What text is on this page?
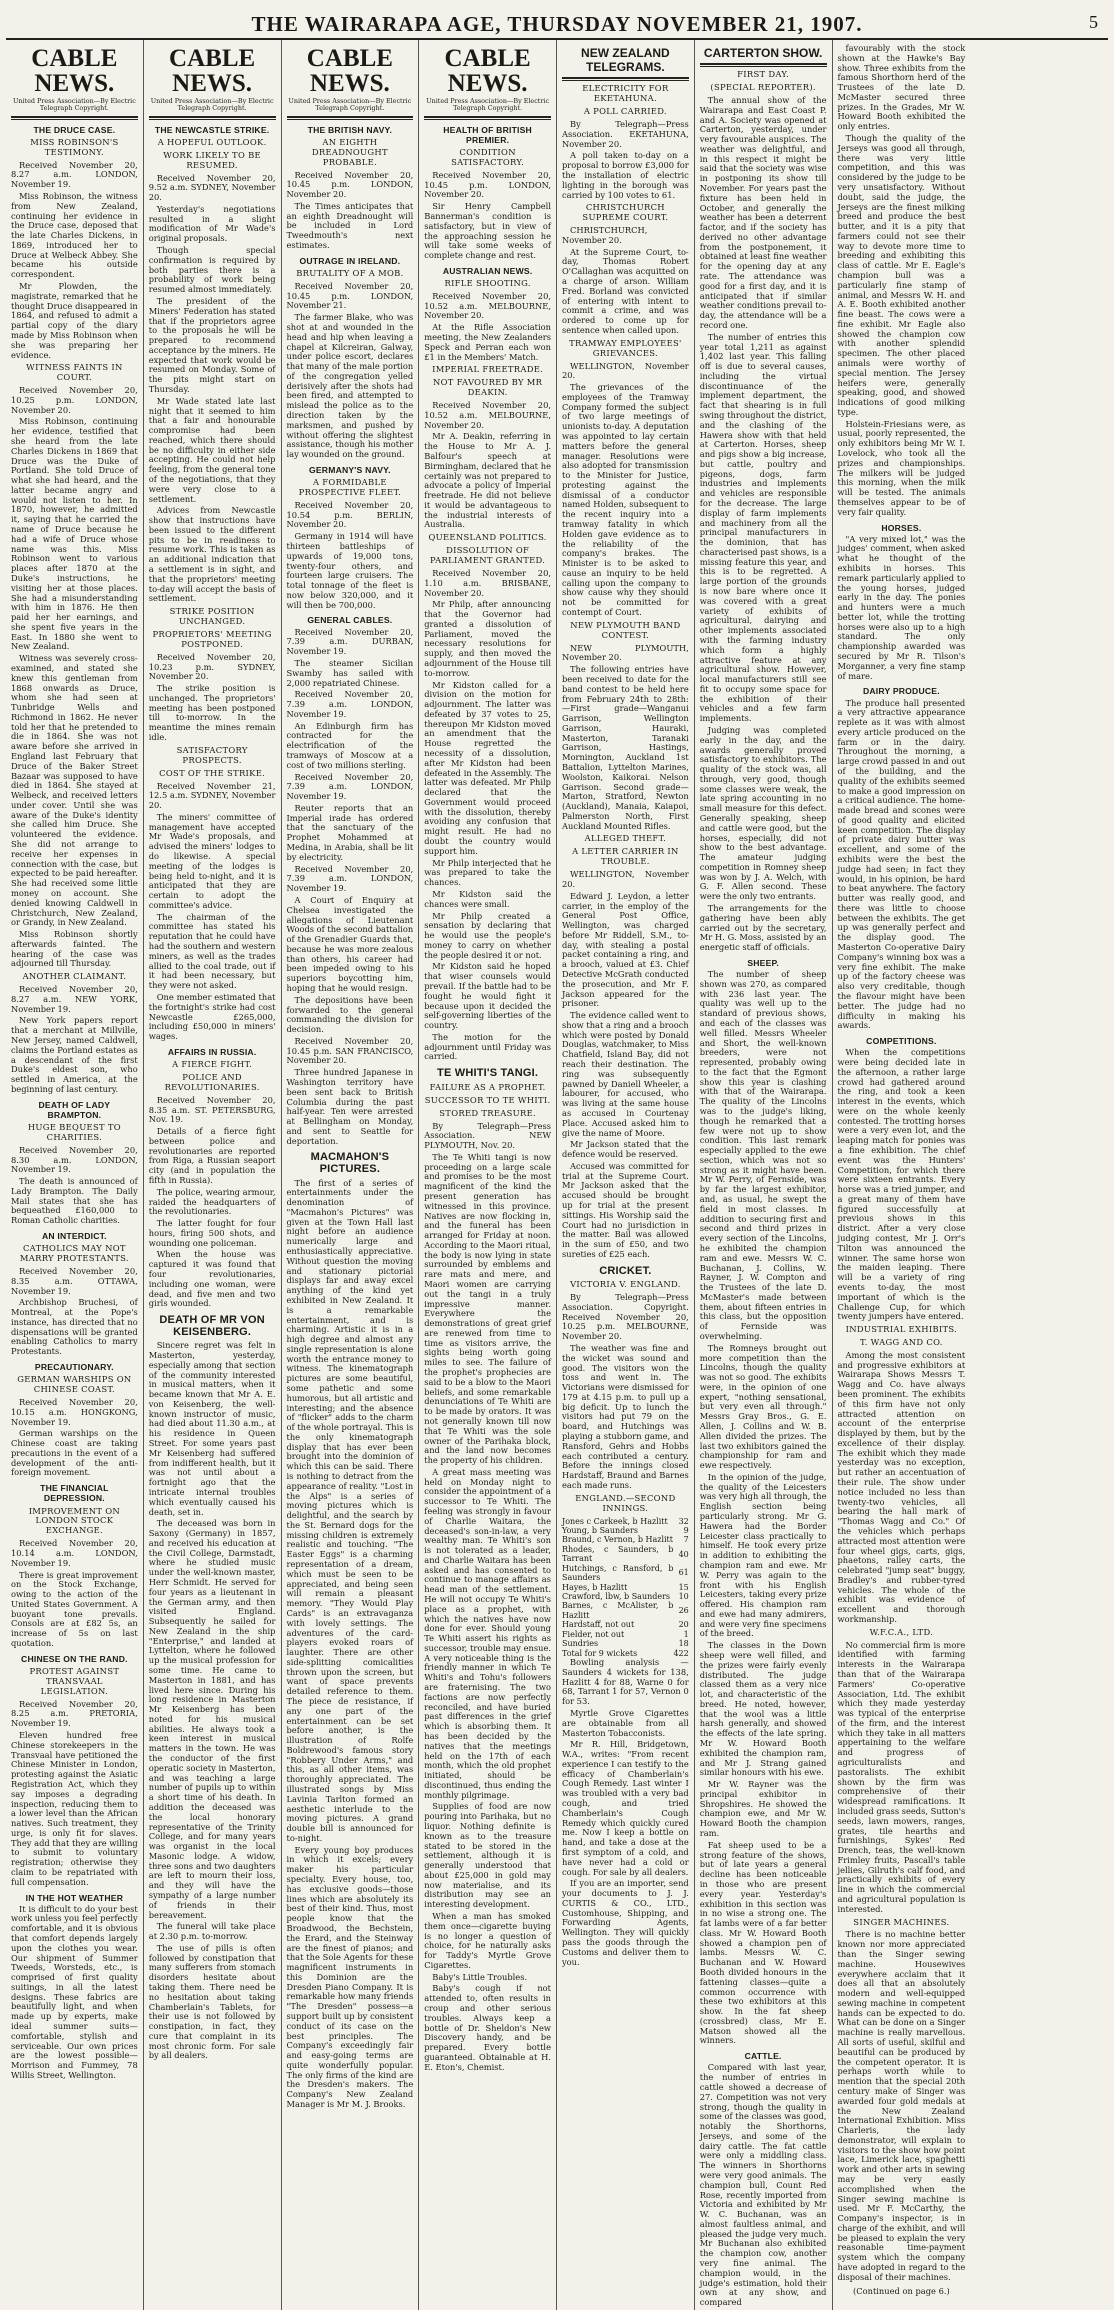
THE WAIRARAPA AGE, THURSDAY NOVEMBER 21, 1907.	5
CABLE NEWS.
United Press Association—By Electric Telegraph Copyright.
THE DRUCE CASE.
MISS ROBINSON'S TESTIMONY.

Received November 20, 8.27 a.m. LONDON, November 19.

Miss Robinson, the witness from New Zealand, continuing her evidence in the Druce case, deposed that the late Charles Dickens, in 1869, introduced her to Druce at Welbeck Abbey. She became his outside correspondent.

Mr Plowden, the magistrate, remarked that he thought Druce disappeared in 1864, and refused to admit a partial copy of the diary made by Miss Robinson when she was preparing her evidence.

WITNESS FAINTS IN COURT.

Received November 20, 10.25 p.m. LONDON, November 20.

Miss Robinson, continuing her evidence, testified that she heard from the late Charles Dickens in 1869 that Druce was the Duke of Portland. She told Druce of what she had heard, and the latter became angry and would not listen to her. In 1870, however, he admitted it, saying that he carried the name of Druce because he had a wife of Druce whose name was this. Miss Robinson went to various places after 1870 at the Duke's instructions, he visiting her at those places. She had a misunderstanding with him in 1876. He then paid her her earnings, and she spent five years in the East. In 1880 she went to New Zealand.

Witness was severely cross-examined, and stated she knew this gentleman from 1868 onwards as Druce, whom she had seen at Tunbridge Wells and Richmond in 1862. He never told her that he pretended to die in 1864. She was not aware before she arrived in England last February that Druce of the Baker Street Bazaar was supposed to have died in 1864. She stayed at Welbeck, and received letters under cover. Until she was aware of the Duke's identity she called him Druce. She volunteered the evidence. She did not arrange to receive her expenses in connection with the case, but expected to be paid hereafter. She had received some little money on account. She denied knowing Caldwell in Christchurch, New Zealand, or Grandy, in New Zealand.

Miss Robinson shortly afterwards fainted. The hearing of the case was adjourned till Thursday.

ANOTHER CLAIMANT.

Received November 20, 8.27 a.m. NEW YORK, November 19.

New York papers report that a merchant at Millville, New Jersey, named Caldwell, claims the Portland estates as a descendant of the first Duke's eldest son, who settled in America, at the beginning of last century.

DEATH OF LADY BRAMPTON.
HUGE BEQUEST TO CHARITIES.

Received November 20, 8.30 a.m. LONDON, November 19.

The death is announced of Lady Brampton. The Daily Mail states that she has bequeathed £160,000 to Roman Catholic charities.

AN INTERDICT.
CATHOLICS MAY NOT MARRY PROTESTANTS.

Received November 20, 8.35 a.m. OTTAWA, November 19.

Archbishop Bruchesi, of Montreal, at the Pope's instance, has directed that no dispensations will be granted enabling Catholics to marry Protestants.

PRECAUTIONARY.
GERMAN WARSHIPS ON CHINESE COAST.

Received November 20, 10.15 a.m. HONGKONG, November 19.

German warships on the Chinese coast are taking precautions in the event of a development of the anti-foreign movement.

THE FINANCIAL DEPRESSION.
IMPROVEMENT ON LONDON STOCK EXCHANGE.

Received November 20, 10.14 a.m. LONDON, November 19.

There is great improvement on the Stock Exchange, owing to the action of the United States Government. A buoyant tone prevails. Consols are at £82 5s, an increase of 5s on last quotation.

CHINESE ON THE RAND.
PROTEST AGAINST TRANSVAAL LEGISLATION.

Received November 20, 8.25 a.m. PRETORIA, November 19.

Eleven hundred free Chinese storekeepers in the Transvaal have petitioned the Chinese Minister in London, protesting against the Asiatic Registration Act, which they say imposes a degrading inspection, reducing them to a lower level than the African natives. Such treatment, they urge, is only fit for slaves. They add that they are willing to submit to voluntary registration; otherwise they claim to be repatriated with full compensation.

IN THE HOT WEATHER

It is difficult to do your best work unless you feel perfectly comfortable, and it is obvious that comfort depends largely upon the clothes you wear. Our shipment of Summer Tweeds, Worsteds, etc., is comprised of first quality suitings, in all the latest designs. These fabrics are beautifully light, and when made up by experts, make ideal summer suits—comfortable, stylish and serviceable. Our own prices are the lowest possible—Morrison and Fummey, 78 Willis Street, Wellington.

CABLE NEWS.
United Press Association—By Electric Telegraph Copyright.
THE NEWCASTLE STRIKE.
A HOPEFUL OUTLOOK.
WORK LIKELY TO BE RESUMED.

Received November 20, 9.52 a.m. SYDNEY, November 20.

Yesterday's negotiations resulted in a slight modification of Mr Wade's original proposals.

Though special confirmation is required by both parties there is a probability of work being resumed almost immediately.

The president of the Miners' Federation has stated that if the proprietors agree to the proposals he will be prepared to recommend acceptance by the miners. He expected that work would be resumed on Monday. Some of the pits might start on Thursday.

Mr Wade stated late last night that it seemed to him that a fair and honourable compromise had been reached, which there should be no difficulty in either side accepting. He could not help feeling, from the general tone of the negotiations, that they were very close to a settlement.

Advices from Newcastle show that instructions have been issued to the different pits to be in readiness to resume work. This is taken as an additional indication that a settlement is in sight, and that the proprietors' meeting to-day will accept the basis of settlement.

STRIKE POSITION UNCHANGED.
PROPRIETORS' MEETING POSTPONED.

Received November 20, 10.23 p.m. SYDNEY, November 20.

The strike position is unchanged. The proprietors' meeting has been postponed till to-morrow. In the meantime the mines remain idle.

SATISFACTORY PROSPECTS.
COST OF THE STRIKE.

Received November 21, 12.5 a.m. SYDNEY, November 20.

The miners' committee of management have accepted Mr Wade's proposals, and advised the miners' lodges to do likewise. A special meeting of the lodges is being held to-night, and it is anticipated that they are certain to adopt the committee's advice.

The chairman of the committee has stated his reputation that he could have had the southern and western miners, as well as the trades allied to the coal trade, out if it had been necessary, but they were not asked.

One member estimated that the fortnight's strike had cost Newcastle £265,000, including £50,000 in miners' wages.

AFFAIRS IN RUSSIA.
A FIERCE FIGHT.
POLICE AND REVOLUTIONARIES.

Received November 20, 8.35 a.m. ST. PETERSBURG, Nov. 19.

Details of a fierce fight between police and revolutionaries are reported from Riga, a Russian seaport city (and in population the fifth in Russia).

The police, wearing armour, raided the headquarters of the revolutionaries.

The latter fought for four hours, firing 500 shots, and wounding one policeman.

When the house was captured it was found that four revolutionaries, including one woman, were dead, and five men and two girls wounded.

DEATH OF MR VON KEISENBERG.

Sincere regret was felt in Masterton, yesterday, especially among that section of the community interested in musical matters, when it became known that Mr A. E. von Keisenberg, the well-known instructor of music, had died about 11.30 a.m., at his residence in Queen Street. For some years past Mr Keisenberg had suffered from indifferent health, but it was not until about a fortnight ago that the intricate internal troubles which eventually caused his death, set in.

The deceased was born in Saxony (Germany) in 1857, and received his education at the Civil College, Darmstadt, where he studied music under the well-known master, Herr Schmidt. He served for four years as a lieutenant in the German army, and then visited England. Subsequently he sailed for New Zealand in the ship "Enterprise," and landed at Lyttelton, where he followed up the musical profession for some time. He came to Masterton in 1881, and has lived here since. During his long residence in Masterton Mr Keisenberg has been noted for his musical abilities. He always took a keen interest in musical matters in the town. He was the conductor of the first operatic society in Masterton, and was teaching a large number of pupils up to within a short time of his death. In addition the deceased was the local honorary representative of the Trinity College, and for many years was organist in the local Masonic lodge. A widow, three sons and two daughters are left to mourn their loss, and they will have the sympathy of a large number of friends in their bereavement.

The funeral will take place at 2.30 p.m. to-morrow.

The use of pills is often followed by constipation that many sufferers from stomach disorders hesitate about taking them. There need be no hesitation about taking Chamberlain's Tablets, for their use is not followed by constipation, in fact, they cure that complaint in its most chronic form. For sale by all dealers.

CABLE NEWS.
United Press Association—By Electric Telegraph Copyright.
THE BRITISH NAVY.
AN EIGHTH DREADNOUGHT PROBABLE.

Received November 20, 10.45 p.m. LONDON, November 20.

The Times anticipates that an eighth Dreadnought will be included in Lord Tweedmouth's next estimates.

OUTRAGE IN IRELAND.
BRUTALITY OF A MOB.

Received November 20, 10.45 p.m. LONDON, November 21.

The farmer Blake, who was shot at and wounded in the head and hip when leaving a chapel at Kilcreiran, Galway, under police escort, declares that many of the male portion of the congregation yelled derisively after the shots had been fired, and attempted to mislead the police as to the direction taken by the marksmen, and pushed by without offering the slightest assistance, though his mother lay wounded on the ground.

GERMANY'S NAVY.
A FORMIDABLE PROSPECTIVE FLEET.

Received November 20, 10.54 p.m. BERLIN, November 20.

Germany in 1914 will have thirteen battleships of upwards of 19,000 tons, twenty-four others, and fourteen large cruisers. The total tonnage of the fleet is now below 320,000, and it will then be 700,000.

GENERAL CABLES.

Received November 20, 7.39 a.m. DURBAN, November 19.

The steamer Sicilian Swamby has sailed with 2,000 repatriated Chinese.

Received November 20, 7.39 a.m. LONDON, November 19.

An Edinburgh firm has contracted for the electrification of the tramways of Moscow at a cost of two millions sterling.

Received November 20, 7.39 a.m. LONDON, November 19.

Reuter reports that an Imperial irade has ordered that the sanctuary of the Prophet Mohammed at Medina, in Arabia, shall be lit by electricity.

Received November 20, 7.39 a.m. LONDON, November 19.

A Court of Enquiry at Chelsea investigated the allegations of Lieutenant Woods of the second battalion of the Grenadier Guards that, because he was more zealous than others, his career had been impeded owing to his superiors boycotting him, hoping that he would resign.

The depositions have been forwarded to the general commanding the division for decision.

Received November 20, 10.45 p.m. SAN FRANCISCO, November 20.

Three hundred Japanese in Washington territory have been sent back to British Columbia during the past half-year. Ten were arrested at Bellingham on Monday, and sent to Seattle for deportation.

MACMAHON'S PICTURES.

The first of a series of entertainments under the denomination of "Macmahon's Pictures" was given at the Town Hall last night before an audience numerically large and enthusiastically appreciative. Without question the moving and stationary pictorial displays far and away excel anything of the kind yet exhibited in New Zealand. It is a remarkable entertainment, and is charming. Artistic it is in a high degree and almost any single representation is alone worth the entrance money to witness. The kinematograph pictures are some beautiful, some pathetic and some humorous, but all artistic and interesting; and the absence of "flicker" adds to the charm of the whole portrayal. This is the only kinematograph display that has ever been brought into the dominion of which this can be said. There is nothing to detract from the appearance of reality. "Lost in the Alps" is a series of moving pictures which is delightful, and the search by the St. Bernard dogs for the missing children is extremely realistic and touching. "The Easter Eggs" is a charming representation of a dream, which must be seen to be appreciated, and being seen will remain a pleasant memory. "They Would Play Cards" is an extravaganza with lovely settings. The adventures of the card-players evoked roars of laughter. There are other side-splitting comicalities thrown upon the screen, but want of space prevents detailed reference to them. The piece de resistance, if any one part of the entertainment can be set before another, is the illustration of Rolfe Boldrewood's famous story "Robbery Under Arms," and this, as all other items, was thoroughly appreciated. The illustrated songs by Miss Lavinia Tarlton formed an aesthetic interlude to the moving pictures. A grand double bill is announced for to-night.

Every young boy produces in which it excels; every maker his particular specialty. Every house, too, has exclusive goods—those lines which are absolutely its best of their kind. Thus, most people know that the Broadwood, the Bechstein, the Erard, and the Steinway are the finest of pianos; and that the Sole Agents for these magnificent instruments in this Dominion are the Dresden Piano Company. It is remarkable how many friends "The Dresden" possess—a support built up by consistent conduct of its case on the best principles. The Company's exceedingly fair and easy-going terms are quite wonderfully popular. The only firms of the kind are the Dresden's makers. The Company's New Zealand Manager is Mr M. J. Brooks.

CABLE NEWS.
United Press Association—By Electric Telegraph Copyright.
HEALTH OF BRITISH PREMIER.
CONDITION SATISFACTORY.

Received November 20, 10.45 p.m. LONDON, November 20.

Sir Henry Campbell Bannerman's condition is satisfactory, but in view of the approaching session he will take some weeks of complete change and rest.

AUSTRALIAN NEWS.
RIFLE SHOOTING.

Received November 20, 10.52 a.m. MELBOURNE, November 20.

At the Rifle Association meeting, the New Zealanders Speck and Perran each won £1 in the Members' Match.

IMPERIAL FREETRADE.
NOT FAVOURED BY MR DEAKIN.

Received November 20, 10.52 a.m. MELBOURNE, November 20.

Mr A. Deakin, referring in the House to Mr A. J. Balfour's speech at Birmingham, declared that he certainly was not prepared to advocate a policy of Imperial freetrade. He did not believe it would be advantageous to the industrial interests of Australia.

QUEENSLAND POLITICS.
DISSOLUTION OF PARLIAMENT GRANTED.

Received November 20, 1.10 a.m. BRISBANE, November 20.

Mr Philp, after announcing that the Governor had granted a dissolution of Parliament, moved the necessary resolutions for supply, and then moved the adjournment of the House till to-morrow.

Mr Kidston called for a division on the motion for adjournment. The latter was defeated by 37 votes to 25, thereupon Mr Kidston moved an amendment that the House regretted the necessity of a dissolution, after Mr Kidston had been defeated in the Assembly. The latter was defeated. Mr Philp declared that the Government would proceed with the dissolution, thereby avoiding any confusion that might result. He had no doubt the country would support him.

Mr Philp interjected that he was prepared to take the chances.

Mr Kidston said the chances were small.

Mr Philp created a sensation by declaring that he would use the people's money to carry on whether the people desired it or not.

Mr Kidston said he hoped that wiser counsels would prevail. If the battle had to be fought he would fight it because upon it decided the self-governing liberties of the country.

The motion for the adjournment until Friday was carried.

TE WHITI'S TANGI.
FAILURE AS A PROPHET.
SUCCESSOR TO TE WHITI.
STORED TREASURE.

By Telegraph—Press Association. NEW PLYMOUTH, Nov. 20.

The Te Whiti tangi is now proceeding on a large scale and promises to be the most magnificent of the kind the present generation has witnessed in this province. Natives are now flocking in, and the funeral has been arranged for Friday at noon. According to the Maori ritual, the body is now lying in state surrounded by emblems and rare mats and mere, and Maori women are carrying out the tangi in a truly impressive manner. Everywhere the demonstrations of great grief are renewed from time to time as visitors arrive, the sights being worth going miles to see. The failure of the prophet's prophecies are said to be a blow to the Maori beliefs, and some remarkable denunciations of Te Whiti are to be made by orators. It was not generally known till now that Te Whiti was the sole owner of the Parihaka block, and the land now becomes the property of his children.

A great mass meeting was held on Monday night to consider the appointment of a successor to Te Whiti. The feeling was strongly in favour of Charlie Waitara, the deceased's son-in-law, a very wealthy man. Te Whiti's son is not tolerated as a leader, and Charlie Waitara has been asked and has consented to continue to manage affairs as head man of the settlement. He will not occupy Te Whiti's place as a prophet, with which the natives have now done for ever. Should young Te Whiti assert his rights as successor, trouble may ensue. A very noticeable thing is the friendly manner in which Te Whiti's and Tohu's followers are fraternising. The two factions are now perfectly reconciled, and have buried past differences in the grief which is absorbing them. It has been decided by the natives that the meetings held on the 17th of each month, which the old prophet initiated, should be discontinued, thus ending the monthly pilgrimage.

Supplies of food are now pouring into Parihaka, but no liquor. Nothing definite is known as to the treasure stated to be stored in the settlement, although it is generally understood that about £25,000 in gold may now materialise, and its distribution may see an interesting development.

When a man has smoked them once—cigarette buying is no longer a question of choice, for he naturally asks for Taddy's Myrtle Grove Cigarettes.

Baby's Little Troubles.

Baby's cough if not attended to, often results in croup and other serious troubles. Always keep a bottle of Dr. Sheldon's New Discovery handy, and be prepared. Every bottle guaranteed. Obtainable at H. E. Eton's, Chemist.

NEW ZEALAND TELEGRAMS.
ELECTRICITY FOR EKETAHUNA.
A POLL CARRIED.

By Telegraph—Press Association. EKETAHUNA, November 20.

A poll taken to-day on a proposal to borrow £3,000 for the installation of electric lighting in the borough was carried by 100 votes to 61.

CHRISTCHURCH SUPREME COURT.

CHRISTCHURCH, November 20.

At the Supreme Court, to-day, Thomas Robert O'Callaghan was acquitted on a charge of arson. William Fred. Borland was convicted of entering with intent to commit a crime, and was ordered to come up for sentence when called upon.

TRAMWAY EMPLOYEES' GRIEVANCES.

WELLINGTON, November 20.

The grievances of the employees of the Tramway Company formed the subject of two large meetings of unionists to-day. A deputation was appointed to lay certain matters before the general manager. Resolutions were also adopted for transmission to the Minister for Justice, protesting against the dismissal of a conductor named Holden, subsequent to the recent inquiry into a tramway fatality in which Holden gave evidence as to the reliability of the company's brakes. The Minister is to be asked to cause an inquiry to be held calling upon the company to show cause why they should not be committed for contempt of Court.

NEW PLYMOUTH BAND CONTEST.

NEW PLYMOUTH, November 20.

The following entries have been received to date for the band contest to be held here from February 24th to 28th:—First grade—Wanganui Garrison, Wellington Garrison, Hauraki, Masterton, Taranaki Garrison, Hastings, Mornington, Auckland 1st Battalion, Lyttelton Marines, Woolston, Kaikorai. Nelson Garrison. Second grade—Marton, Stratford, Newton (Auckland), Manaia, Kaiapoi, Palmerston North, First Auckland Mounted Rifles.

ALLEGED THEFT.
A LETTER CARRIER IN TROUBLE.

WELLINGTON, November 20.

Edward J. Leydon, a letter carrier, in the employ of the General Post Office, Wellington, was charged before Mr Riddell, S.M., to-day, with stealing a postal packet containing a ring, and a brooch, valued at £3. Chief Detective McGrath conducted the prosecution, and Mr F. Jackson appeared for the prisoner.

The evidence called went to show that a ring and a brooch which were posted by Donald Douglas, watchmaker, to Miss Chatfield, Island Bay, did not reach their destination. The ring was subsequently pawned by Daniell Wheeler, a labourer, for accused, who was living at the same house as accused in Courtenay Place. Accused asked him to give the name of Moore.

Mr Jackson stated that the defence would be reserved.

Accused was committed for trial at the Supreme Court. Mr Jackson asked that the accused should be brought up for trial at the present sittings. His Worship said the Court had no jurisdiction in the matter. Bail was allowed in the sum of £50, and two sureties of £25 each.

CRICKET.
VICTORIA V. ENGLAND.

By Telegraph—Press Association. Copyright. Received November 20, 10.25 p.m. MELBOURNE, November 20.

The weather was fine and the wicket was sound and good. The visitors won the toss and went in. The Victorians were dismissed for 179 at 4.15 p.m. to pull up a big deficit. Up to lunch the visitors had put 79 on the board, and Hutchings was playing a stubborn game, and Ransford, Gehrs and Hobbs each contributed a century. Before the innings closed Hardstaff, Braund and Barnes each made runs.

ENGLAND.—SECOND INNINGS.
Jones c Carkeek, b Hazlitt	32
Young, b Saunders	9
Braund, c Vernon, b Hazlitt	7
Rhodes, c Saunders, b Tarrant	40
Hutchings, c Ransford, b Saunders	61
Hayes, b Hazlitt	15
Crawford, lbw, b Saunders	10
Barnes, c McAlister, b Hazlitt	26
Hardstaff, not out	20
Fielder, not out	1
Sundries	18
Total for 9 wickets	422

Bowling analysis — Saunders 4 wickets for 138, Hazlitt 4 for 88, Warne 0 for 68, Tarrant 1 for 57, Vernon 0 for 53.

Myrtle Grove Cigarettes are obtainable from all Masterton Tobacconists.

Mr R. Hill, Bridgetown, W.A., writes: "From recent experience I can testify to the efficacy of Chamberlain's Cough Remedy. Last winter I was troubled with a very bad cough, and tried Chamberlain's Cough Remedy which quickly cured me. Now I keep a bottle on hand, and take a dose at the first symptom of a cold, and have never had a cold or cough. For sale by all dealers.

If you are an importer, send your documents to J. J. CURTIS & CO., LTD., Customhouse, Shipping, and Forwarding Agents, Wellington. They will quickly pass the goods through the Customs and deliver them to you.

CARTERTON SHOW.
FIRST DAY.
(SPECIAL REPORTER).

The annual show of the Wairarapa and East Coast P. and A. Society was opened at Carterton, yesterday, under very favourable auspices. The weather was delightful, and in this respect it might be said that the society was wise in postponing its show till November. For years past the fixture has been held in October, and generally the weather has been a deterrent factor, and if the society has derived no other advantage from the postponement, it obtained at least fine weather for the opening day at any rate. The attendance was good for a first day, and it is anticipated that if similar weather conditions prevail to-day, the attendance will be a record one.

The number of entries this year total 1,211 as against 1,402 last year. This falling off is due to several causes, including the virtual discontinuance of the implement department, the fact that shearing is in full swing throughout the district, and the clashing of the Hawera show with that held at Carterton. Horses, sheep and pigs show a big increase, but cattle, poultry and pigeons, dogs, farm industries and implements and vehicles are responsible for the decrease. The large display of farm implements and machinery from all the principal manufacturers in the dominion, that has characterised past shows, is a missing feature this year, and this is to be regretted. A large portion of the grounds is now bare where once it was covered with a great variety of exhibits of agricultural, dairying and other implements associated with the farming industry which form a highly attractive feature at any agricultural show. However, local manufacturers still see fit to occupy some space for the exhibition of their vehicles and a few farm implements.

Judging was completed early in the day, and the awards generally proved satisfactory to exhibitors. The quality of the stock was, all through, very good, though some classes were weak, the late spring accounting in no small measure for this defect. Generally speaking, sheep and cattle were good, but the horses, especially, did not show to the best advantage. The amateur judging competition in Romney sheep was won by J. A. Welch, with G. F. Allen second. These were the only two entrants.

The arrangements for the gathering have been ably carried out by the secretary, Mr H. G. Moss, assisted by an energetic staff of officials.

SHEEP.

The number of sheep shown was 270, as compared with 236 last year. The quality was well up to the standard of previous shows, and each of the classes was well filled. Messrs Wheeler and Short, the well-known breeders, were not represented, probably owing to the fact that the Egmont show this year is clashing with that of the Wairarapa. The quality of the Lincolns was to the judge's liking, though he remarked that a few were not up to show condition. This last remark especially applied to the ewe section, which was not so strong as it might have been. Mr W. Perry, of Fernside, was by far the largest exhibitor, and, as usual, he swept the field in most classes. In addition to securing first and second and third prizes in every section of the Lincolns, he exhibited the champion ram and ewe. Messrs W. C. Buchanan, J. Collins, W. Rayner, J. W. Compton and the Trustees of the late D. McMaster's made between them, about fifteen entries in this class, but the opposition of Fernside was overwhelming.

The Romneys brought out more competition than the Lincolns, though the quality was not so good. The exhibits were, in the opinion of one expert, "nothing sensational, but very even all through." Messrs Gray Bros., G. E. Allen, J. Collins and W. B. Allen divided the prizes. The last two exhibitors gained the championship for ram and ewe respectively.

In the opinion of the judge, the quality of the Leicesters was very high all through, the English section being particularly strong. Mr G. Hawera had the Border Leicester class practically to himself. He took every prize in addition to exhibiting the champion ram and ewe. Mr W. Perry was again to the front with his English Leicesters, taking every prize offered. His champion ram and ewe had many admirers, and were very fine specimens of the breed.

The classes in the Down sheep were well filled, and the prizes were fairly evenly distributed. The judge classed them as a very nice lot, and characteristic of the breed. He noted, however, that the wool was a little harsh generally, and showed the effects of the late spring. Mr W. Howard Booth exhibited the champion ram, and Mr J. Strang gained similar honours with his ewe.

Mr W. Rayner was the principal exhibitor in Shropshires. He showed the champion ewe, and Mr W. Howard Booth the champion ram.

Fat sheep used to be a strong feature of the shows, but of late years a general decline has been noticeable in those who are present every year. Yesterday's exhibition in this section was in no wise a strong one. The fat lambs were of a far better class. Mr W. Howard Booth showed a champion pen of lambs. Messrs W. C. Buchanan and W. Howard Booth divided honours in the fattening classes—quite a common occurrence with these two exhibitors at this show. In the fat sheep (crossbred) class, Mr E. Matson showed all the winners.

CATTLE.

Compared with last year, the number of entries in cattle showed a decrease of 27. Competition was not very strong, though the quality in some of the classes was good, notably the Shorthorns, Jerseys, and some of the dairy cattle. The fat cattle were only a middling class. The winners in Shorthorns were very good animals. The champion bull, Count Red Rose, recently imported from Victoria and exhibited by Mr W. C. Buchanan, was an almost faultless animal, and pleased the judge very much. Mr Buchanan also exhibited the champion cow, another very fine animal. The champion would, in the judge's estimation, hold their own at any show, and compared

favourably with the stock shown at the Hawke's Bay show. Three exhibits from the famous Shorthorn herd of the Trustees of the late D. McMaster secured three prizes. In the Grades, Mr W. Howard Booth exhibited the only entries.

Though the quality of the Jerseys was good all through, there was very little competition, and this was considered by the judge to be very unsatisfactory. Without doubt, said the judge, the Jerseys are the finest milking breed and produce the best butter, and it is a pity that farmers could not see their way to devote more time to breeding and exhibiting this class of cattle. Mr E. Eagle's champion bull was a particularly fine stamp of animal, and Messrs W. H. and A. E. Booth exhibited another fine beast. The cows were a fine exhibit. Mr Eagle also showed the champion cow with another splendid specimen. The other placed animals were worthy of special mention. The Jersey heifers were, generally speaking, good, and showed indications of good milking type.

Holstein-Friesians were, as usual, poorly represented, the only exhibitors being Mr W. I. Lovelock, who took all the prizes and championships. The milkers will be judged this morning, when the milk will be tested. The animals themselves appear to be of very fair quality.

HORSES.

"A very mixed lot," was the judges' comment, when asked what he thought of the exhibits in horses. This remark particularly applied to the young horses, judged early in the day. The ponies and hunters were a much better lot, while the trotting horses were also up to a high standard. The only championship awarded was secured by Mr R. Tilson's Morganner, a very fine stamp of mare.

DAIRY PRODUCE.

The produce hall presented a very attractive appearance replete as it was with almost every article produced on the farm or in the dairy. Throughout the morning, a large crowd passed in and out of the building, and the quality of the exhibits seemed to make a good impression on a critical audience. The home-made bread and scones were of good quality and elicited keen competition. The display of private dairy butter was excellent, and some of the exhibits were the best the judge had seen; in fact they would, in his opinion, be hard to beat anywhere. The factory butter was really good, and there was little to choose between the exhibits. The get up was generally perfect and the display good. The Masterton Co-operative Dairy Company's winning box was a very fine exhibit. The make up of the factory cheese was also very creditable, though the flavour might have been better. The judge had no difficulty in making his awards.

COMPETITIONS.

When the competitions were being decided late in the afternoon, a rather large crowd had gathered around the ring, and took a keen interest in the events, which were on the whole keenly contested. The trotting horses were a very even lot, and the leaping match for ponies was a fine exhibition. The chief event was the Hunters' Competition, for which there were sixteen entrants. Every horse was a tried jumper, and a great many of them have figured successfully at previous shows in this district. After a very close judging contest, Mr J. Orr's Tilton was announced the winner. The same horse won the maiden leaping. There will be a variety of ring events to-day, the most important of which is the Challenge Cup, for which twenty jumpers have entered.

INDUSTRIAL EXHIBITS.
T. WAGG AND CO.

Among the most consistent and progressive exhibitors at Wairarapa Shows Messrs T. Wagg and Co. have always been prominent. The exhibits of this firm have not only attracted attention on account of the enterprise displayed by them, but by the excellence of their display. The exhibit which they made yesterday was no exception, but rather an accentuation of their rule. The show under notice included no less than twenty-two vehicles, all bearing the hall mark of "Thomas Wagg and Co." Of the vehicles which perhaps attracted most attention were four wheel gigs, carts, gigs, phaetons, ralley carts, the celebrated "jump seat" buggy, Bradley's and rubber-tyred vehicles. The whole of the exhibit was evidence of excellent and thorough workmanship.

W.F.C.A., LTD.

No commercial firm is more identified with farming interests in the Wairarapa than that of the Wairarapa Farmers' Co-operative Association, Ltd. The exhibit which they made yesterday was typical of the enterprise of the firm, and the interest which they take in all matters appertaining to the welfare and progress of agriculturalists and pastoralists. The exhibit shown by the firm was comprehensive of their widespread ramifications. It included grass seeds, Sutton's seeds, lawn mowers, ranges, grates, tile hearths and furnishings, Sykes' Red Drench, teas, the well-known Frimley fruits, Pascall's table jellies, Gilruth's calf food, and practically exhibits of every line in which the commercial and agricultural population is interested.

SINGER MACHINES.

There is no machine better known nor more appreciated than the Singer sewing machine. Housewives everywhere acclaim that it does all that an absolutely modern and well-equipped sewing machine in competent hands can be expected to do. What can be done on a Singer machine is really marvellous. All sorts of useful, skilful and beautiful can be produced by the competent operator. It is perhaps worth while to mention that the special 20th century make of Singer was awarded four gold medals at the New Zealand International Exhibition. Miss Charleris, the lady demonstrator, will explain to visitors to the show how point lace, Limerick lace, spaghetti work and other arts in sewing may be very easily accomplished when the Singer sewing machine is used. Mr F. McCarthy, the Company's inspector, is in charge of the exhibit, and will be pleased to explain the very reasonable time-payment system which the company have adopted in regard to the disposal of their machines.

(Continued on page 6.)
